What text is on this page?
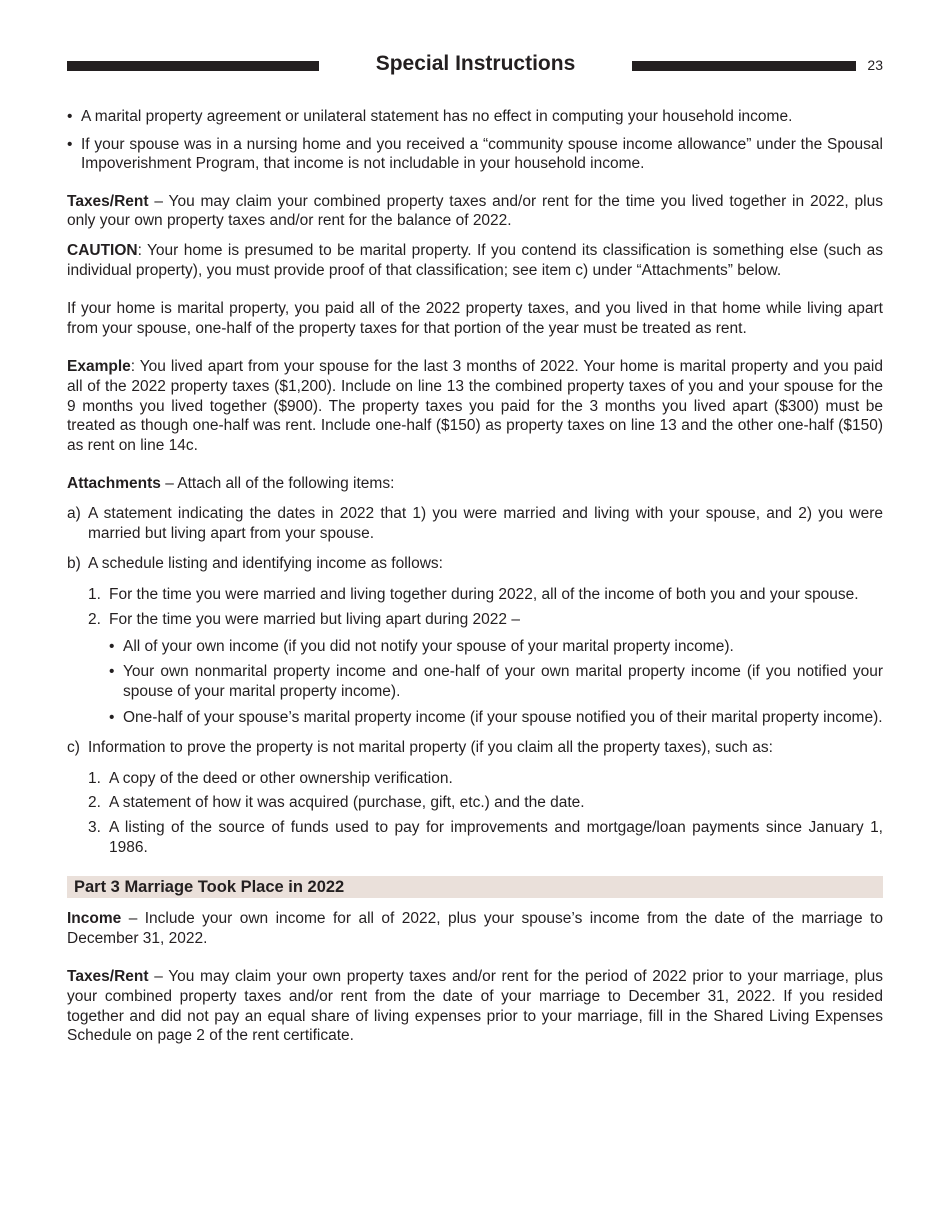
Special Instructions	23

• A marital property agreement or unilateral statement has no effect in computing your household income.

• If your spouse was in a nursing home and you received a “community spouse income allowance” under the Spousal Impoverishment Program, that income is not includable in your household income.

Taxes/Rent – You may claim your combined property taxes and/or rent for the time you lived together in 2022, plus only your own property taxes and/or rent for the balance of 2022.

CAUTION: Your home is presumed to be marital property. If you contend its classification is something else (such as individual property), you must provide proof of that classification; see item c) under “Attachments” below.

If your home is marital property, you paid all of the 2022 property taxes, and you lived in that home while living apart from your spouse, one-half of the property taxes for that portion of the year must be treated as rent.

Example: You lived apart from your spouse for the last 3 months of 2022. Your home is marital property and you paid all of the 2022 property taxes ($1,200). Include on line 13 the combined property taxes of you and your spouse for the 9 months you lived together ($900). The property taxes you paid for the 3 months you lived apart ($300) must be treated as though one-half was rent. Include one-half ($150) as property taxes on line 13 and the other one-half ($150) as rent on line 14c.

Attachments – Attach all of the following items:

a) A statement indicating the dates in 2022 that 1) you were married and living with your spouse, and 2) you were married but living apart from your spouse.

b) A schedule listing and identifying income as follows:

1. For the time you were married and living together during 2022, all of the income of both you and your spouse.

2. For the time you were married but living apart during 2022 –

• All of your own income (if you did not notify your spouse of your marital property income).

• Your own nonmarital property income and one-half of your own marital property income (if you notified your spouse of your marital property income).

• One-half of your spouse’s marital property income (if your spouse notified you of their marital property income).

c) Information to prove the property is not marital property (if you claim all the property taxes), such as:

1. A copy of the deed or other ownership verification.

2. A statement of how it was acquired (purchase, gift, etc.) and the date.

3. A listing of the source of funds used to pay for improvements and mortgage/loan payments since January 1, 1986.

Part 3 Marriage Took Place in 2022

Income – Include your own income for all of 2022, plus your spouse’s income from the date of the marriage to December 31, 2022.

Taxes/Rent – You may claim your own property taxes and/or rent for the period of 2022 prior to your marriage, plus your combined property taxes and/or rent from the date of your marriage to December 31, 2022. If you resided together and did not pay an equal share of living expenses prior to your marriage, fill in the Shared Living Expenses Schedule on page 2 of the rent certificate.
